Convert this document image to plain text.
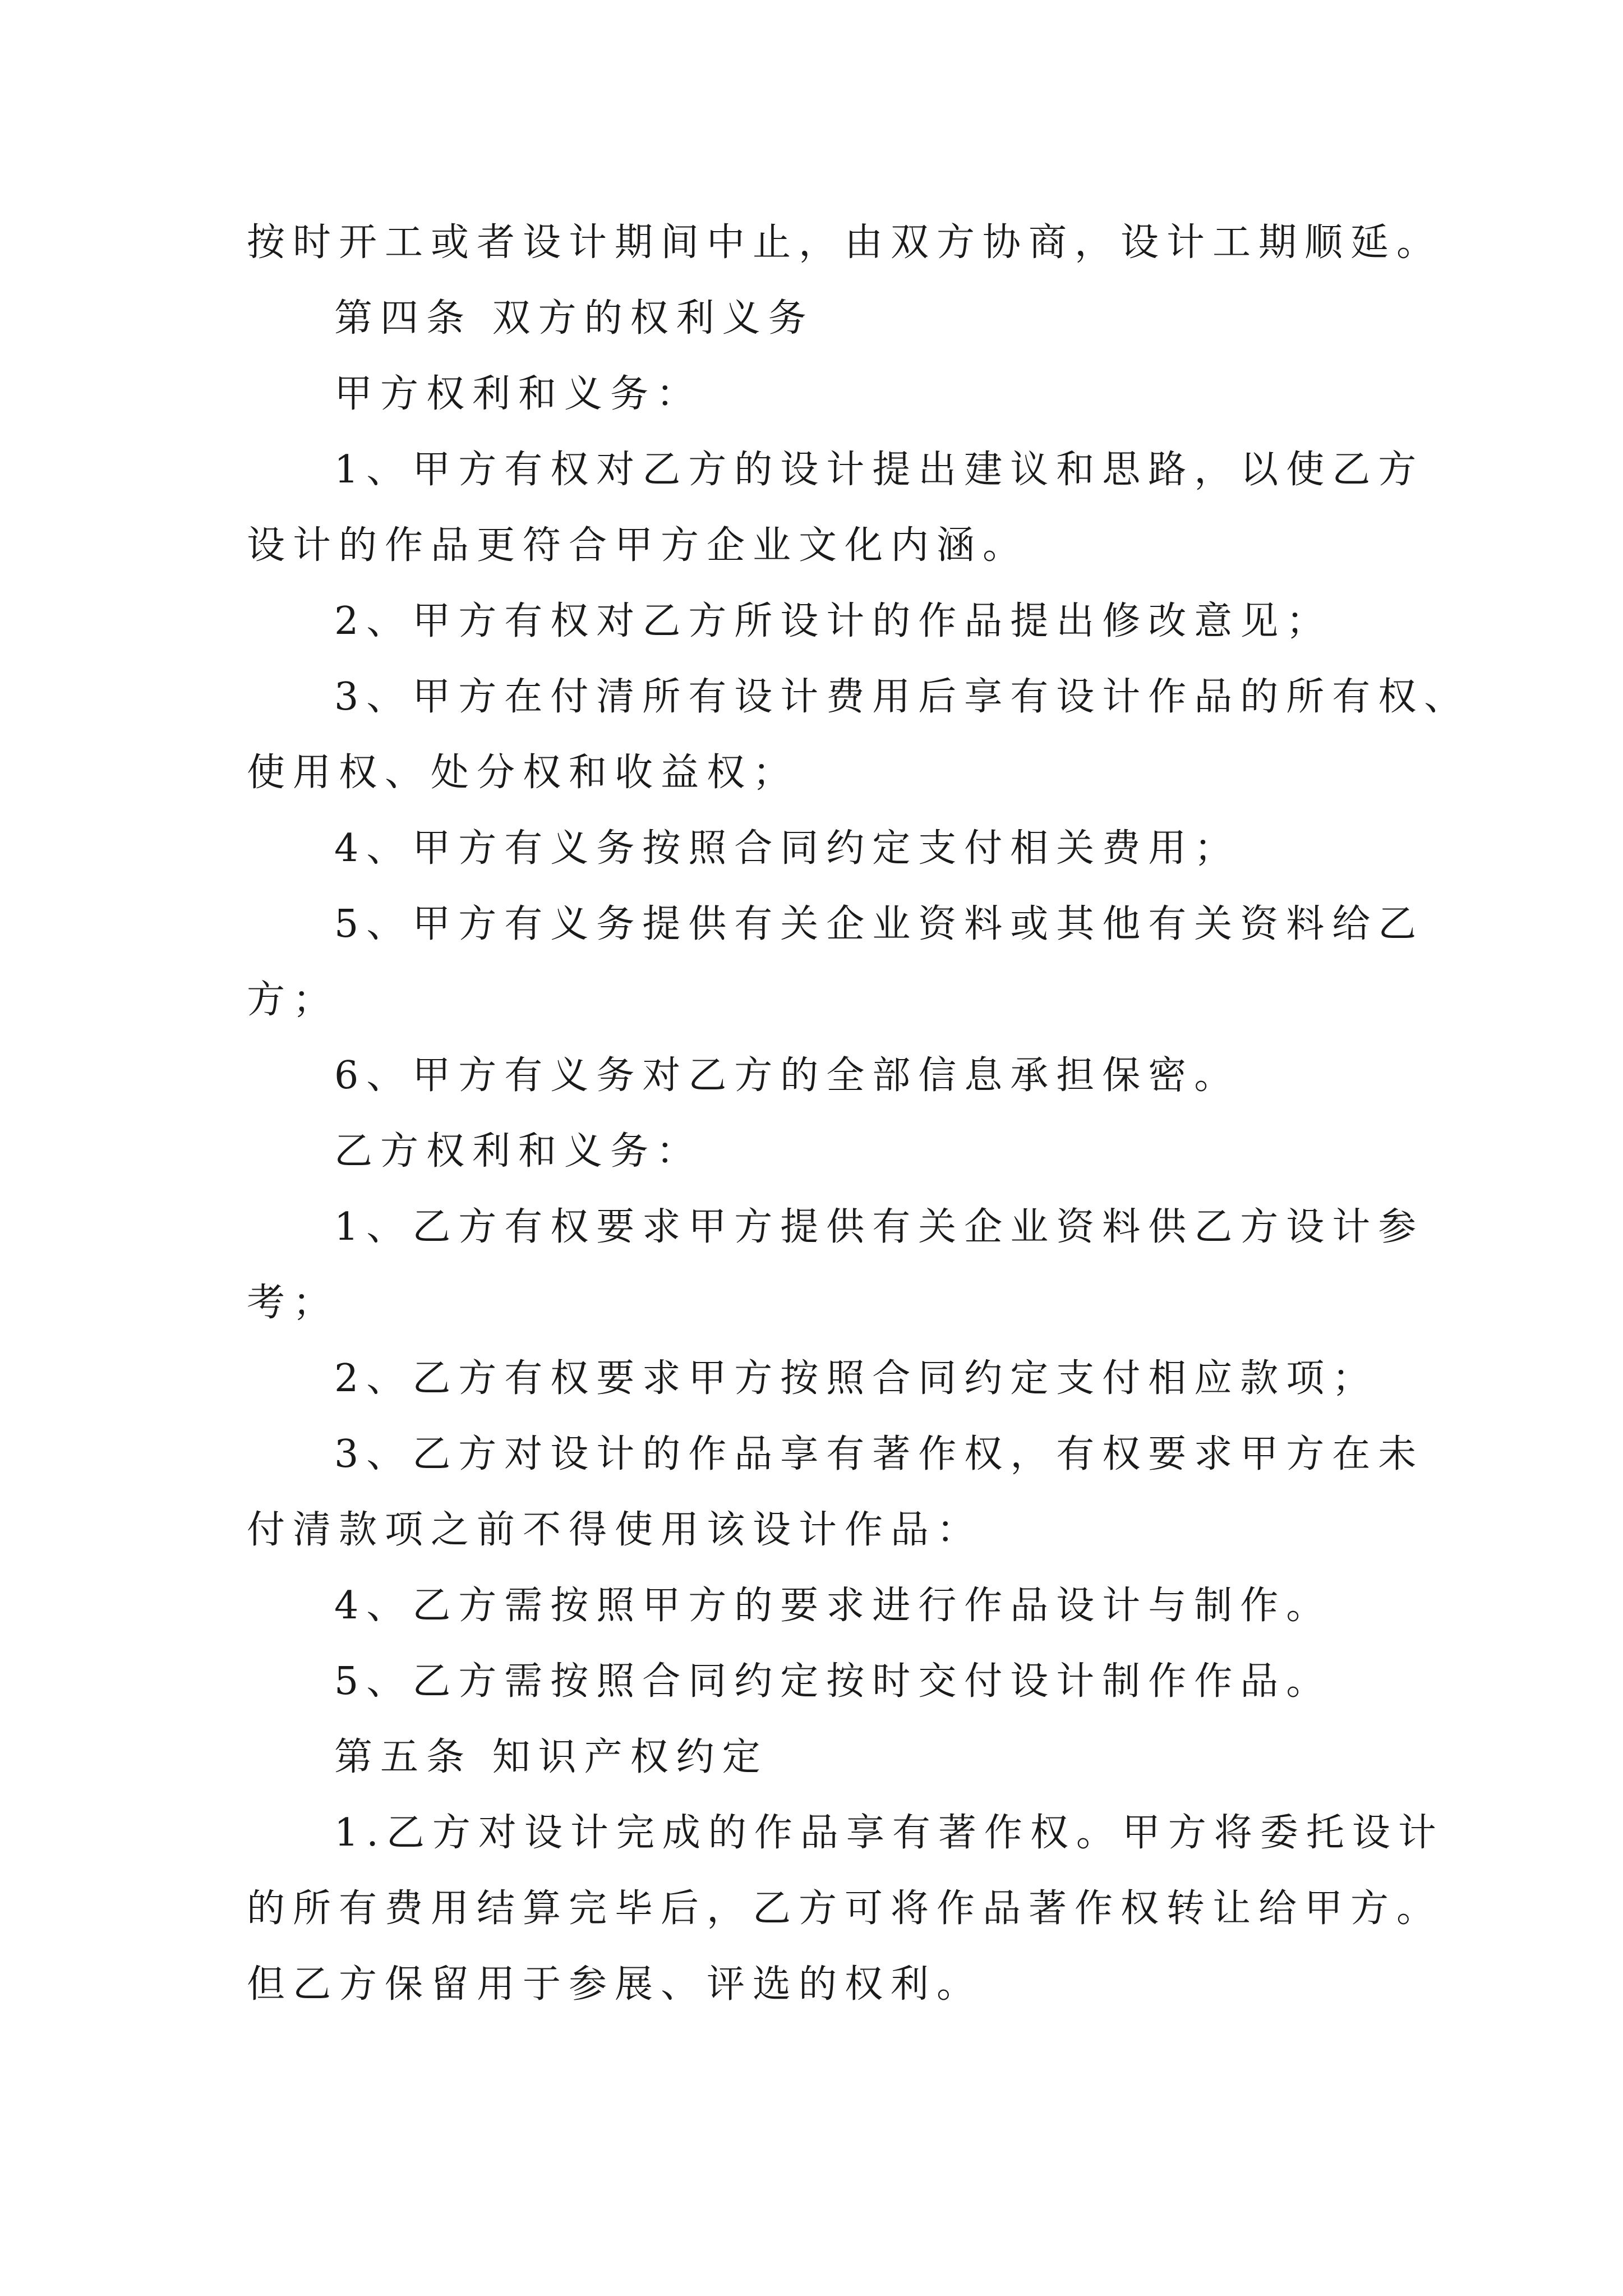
按时开工或者设计期间中止，由双方协商，设计工期顺延。
第四条 双方的权利义务
甲方权利和义务：
1、甲方有权对乙方的设计提出建议和思路，以使乙方
设计的作品更符合甲方企业文化内涵。
2、甲方有权对乙方所设计的作品提出修改意见；
3、甲方在付清所有设计费用后享有设计作品的所有权、
使用权、处分权和收益权；
4、甲方有义务按照合同约定支付相关费用；
5、甲方有义务提供有关企业资料或其他有关资料给乙
方；
6、甲方有义务对乙方的全部信息承担保密。
乙方权利和义务：
1、乙方有权要求甲方提供有关企业资料供乙方设计参
考；
2、乙方有权要求甲方按照合同约定支付相应款项；
3、乙方对设计的作品享有著作权，有权要求甲方在未
付清款项之前不得使用该设计作品：
4、乙方需按照甲方的要求进行作品设计与制作。
5、乙方需按照合同约定按时交付设计制作作品。
第五条 知识产权约定
1.乙方对设计完成的作品享有著作权。甲方将委托设计
的所有费用结算完毕后，乙方可将作品著作权转让给甲方。
但乙方保留用于参展、评选的权利。
